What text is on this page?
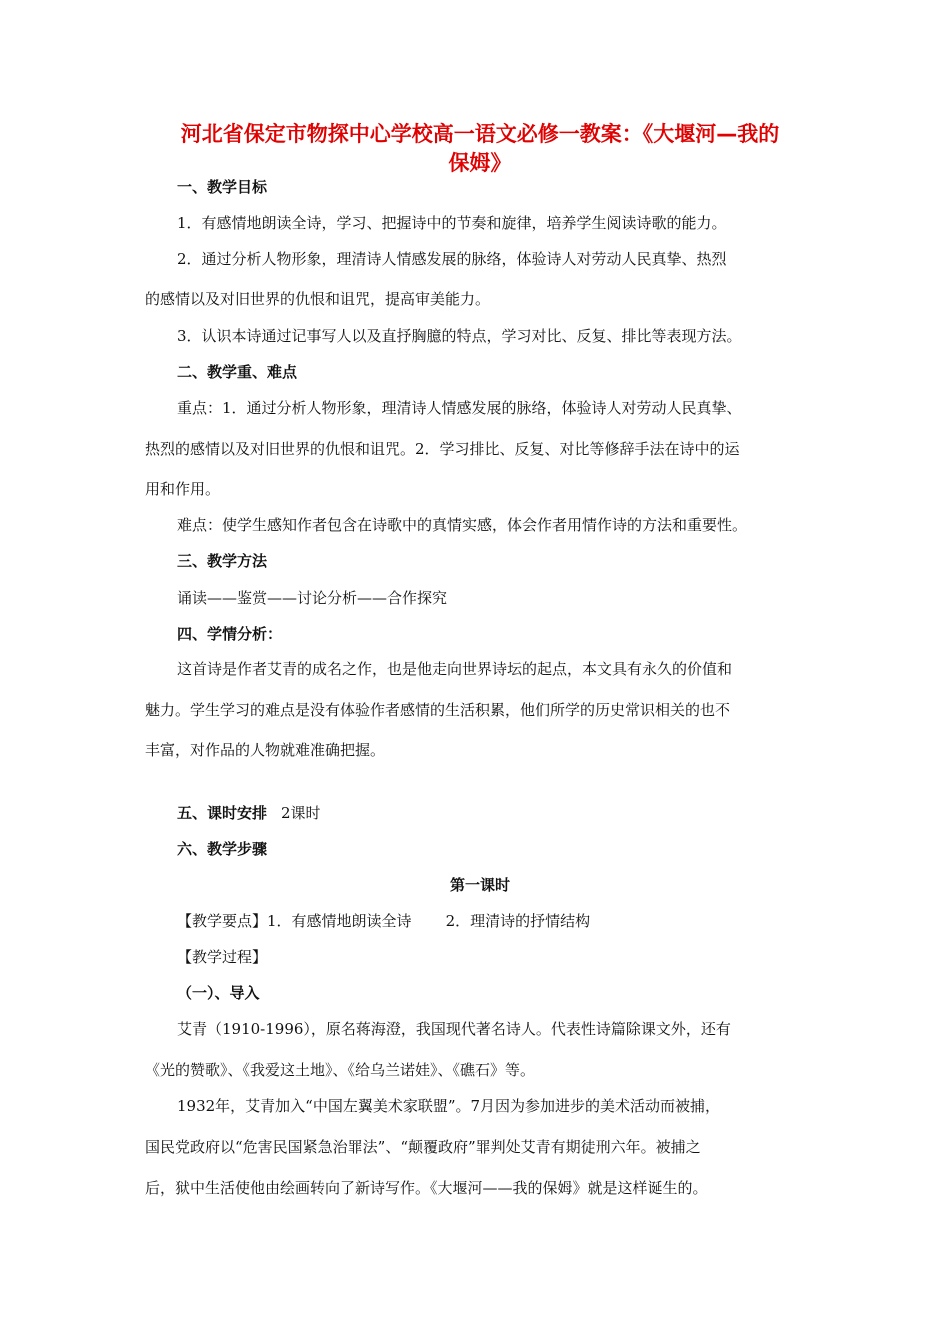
河北省保定市物探中心学校高一语文必修一教案：《大堰河—我的
保姆》
一、教学目标
1．有感情地朗读全诗，学习、把握诗中的节奏和旋律，培养学生阅读诗歌的能力。
2．通过分析人物形象，理清诗人情感发展的脉络，体验诗人对劳动人民真挚、热烈
的感情以及对旧世界的仇恨和诅咒，提高审美能力。
3．认识本诗通过记事写人以及直抒胸臆的特点，学习对比、反复、排比等表现方法。
二、教学重、难点
重点：1．通过分析人物形象，理清诗人情感发展的脉络，体验诗人对劳动人民真挚、
热烈的感情以及对旧世界的仇恨和诅咒。2．学习排比、反复、对比等修辞手法在诗中的运
用和作用。
难点：使学生感知作者包含在诗歌中的真情实感，体会作者用情作诗的方法和重要性。
三、教学方法
诵读——鉴赏——讨论分析——合作探究
四、学情分析：
这首诗是作者艾青的成名之作，也是他走向世界诗坛的起点，本文具有永久的价值和
魅力。学生学习的难点是没有体验作者感情的生活积累，他们所学的历史常识相关的也不
丰富，对作品的人物就难准确把握。
五、课时安排 2课时
六、教学步骤
第一课时
【教学要点】1．有感情地朗读全诗 2．理清诗的抒情结构
【教学过程】
（一）、导入
艾青（1910-1996），原名蒋海澄，我国现代著名诗人。代表性诗篇除课文外，还有
《光的赞歌》、《我爱这土地》、《给乌兰诺娃》、《礁石》等。
1932年，艾青加入“中国左翼美术家联盟”。7月因为参加进步的美术活动而被捕，
国民党政府以“危害民国紧急治罪法”、“颠覆政府”罪判处艾青有期徒刑六年。被捕之
后，狱中生活使他由绘画转向了新诗写作。《大堰河——我的保姆》就是这样诞生的。
